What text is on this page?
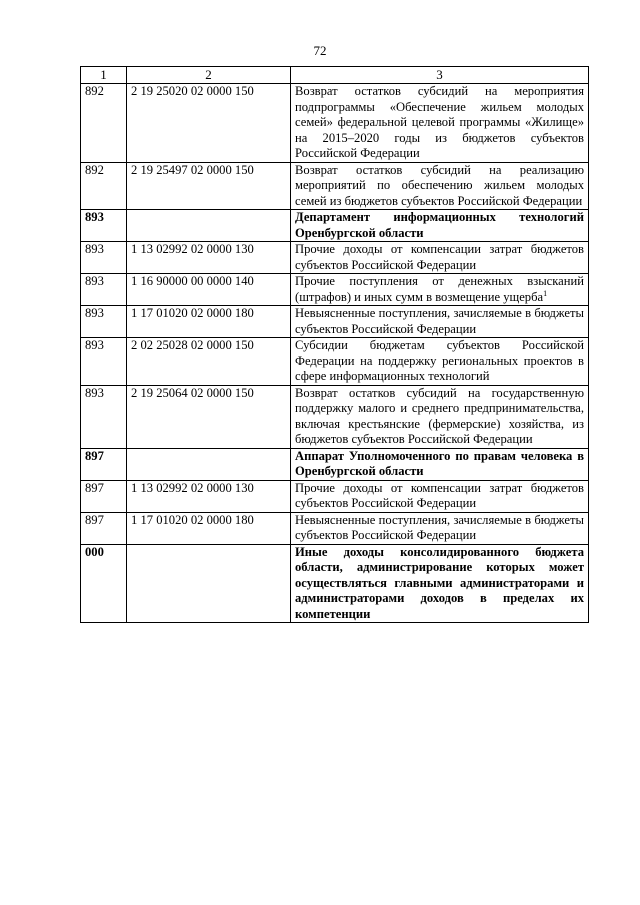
72
1	2	3
892	2 19 25020 02 0000 150	Возврат остатков субсидий на мероприятия подпрограммы «Обеспечение жильем молодых семей» федеральной целевой программы «Жилище» на 2015–2020 годы из бюджетов субъектов Российской Федерации
892	2 19 25497 02 0000 150	Возврат остатков субсидий на реализацию мероприятий по обеспечению жильем молодых семей из бюджетов субъектов Российской Федерации
893		Департамент информационных технологий Оренбургской области
893	1 13 02992 02 0000 130	Прочие доходы от компенсации затрат бюджетов субъектов Российской Федерации
893	1 16 90000 00 0000 140	Прочие поступления от денежных взысканий (штрафов) и иных сумм в возмещение ущерба$^1$
893	1 17 01020 02 0000 180	Невыясненные поступления, зачисляемые в бюджеты субъектов Российской Федерации
893	2 02 25028 02 0000 150	Субсидии бюджетам субъектов Российской Федерации на поддержку региональных проектов в сфере информационных технологий
893	2 19 25064 02 0000 150	Возврат остатков субсидий на государственную поддержку малого и среднего предпринимательства, включая крестьянские (фермерские) хозяйства, из бюджетов субъектов Российской Федерации
897		Аппарат Уполномоченного по правам человека в Оренбургской области
897	1 13 02992 02 0000 130	Прочие доходы от компенсации затрат бюджетов субъектов Российской Федерации
897	1 17 01020 02 0000 180	Невыясненные поступления, зачисляемые в бюджеты субъектов Российской Федерации
000		Иные доходы консолидированного бюджета области, администрирование которых может осуществляться главными администраторами и администраторами доходов в пределах их компетенции
